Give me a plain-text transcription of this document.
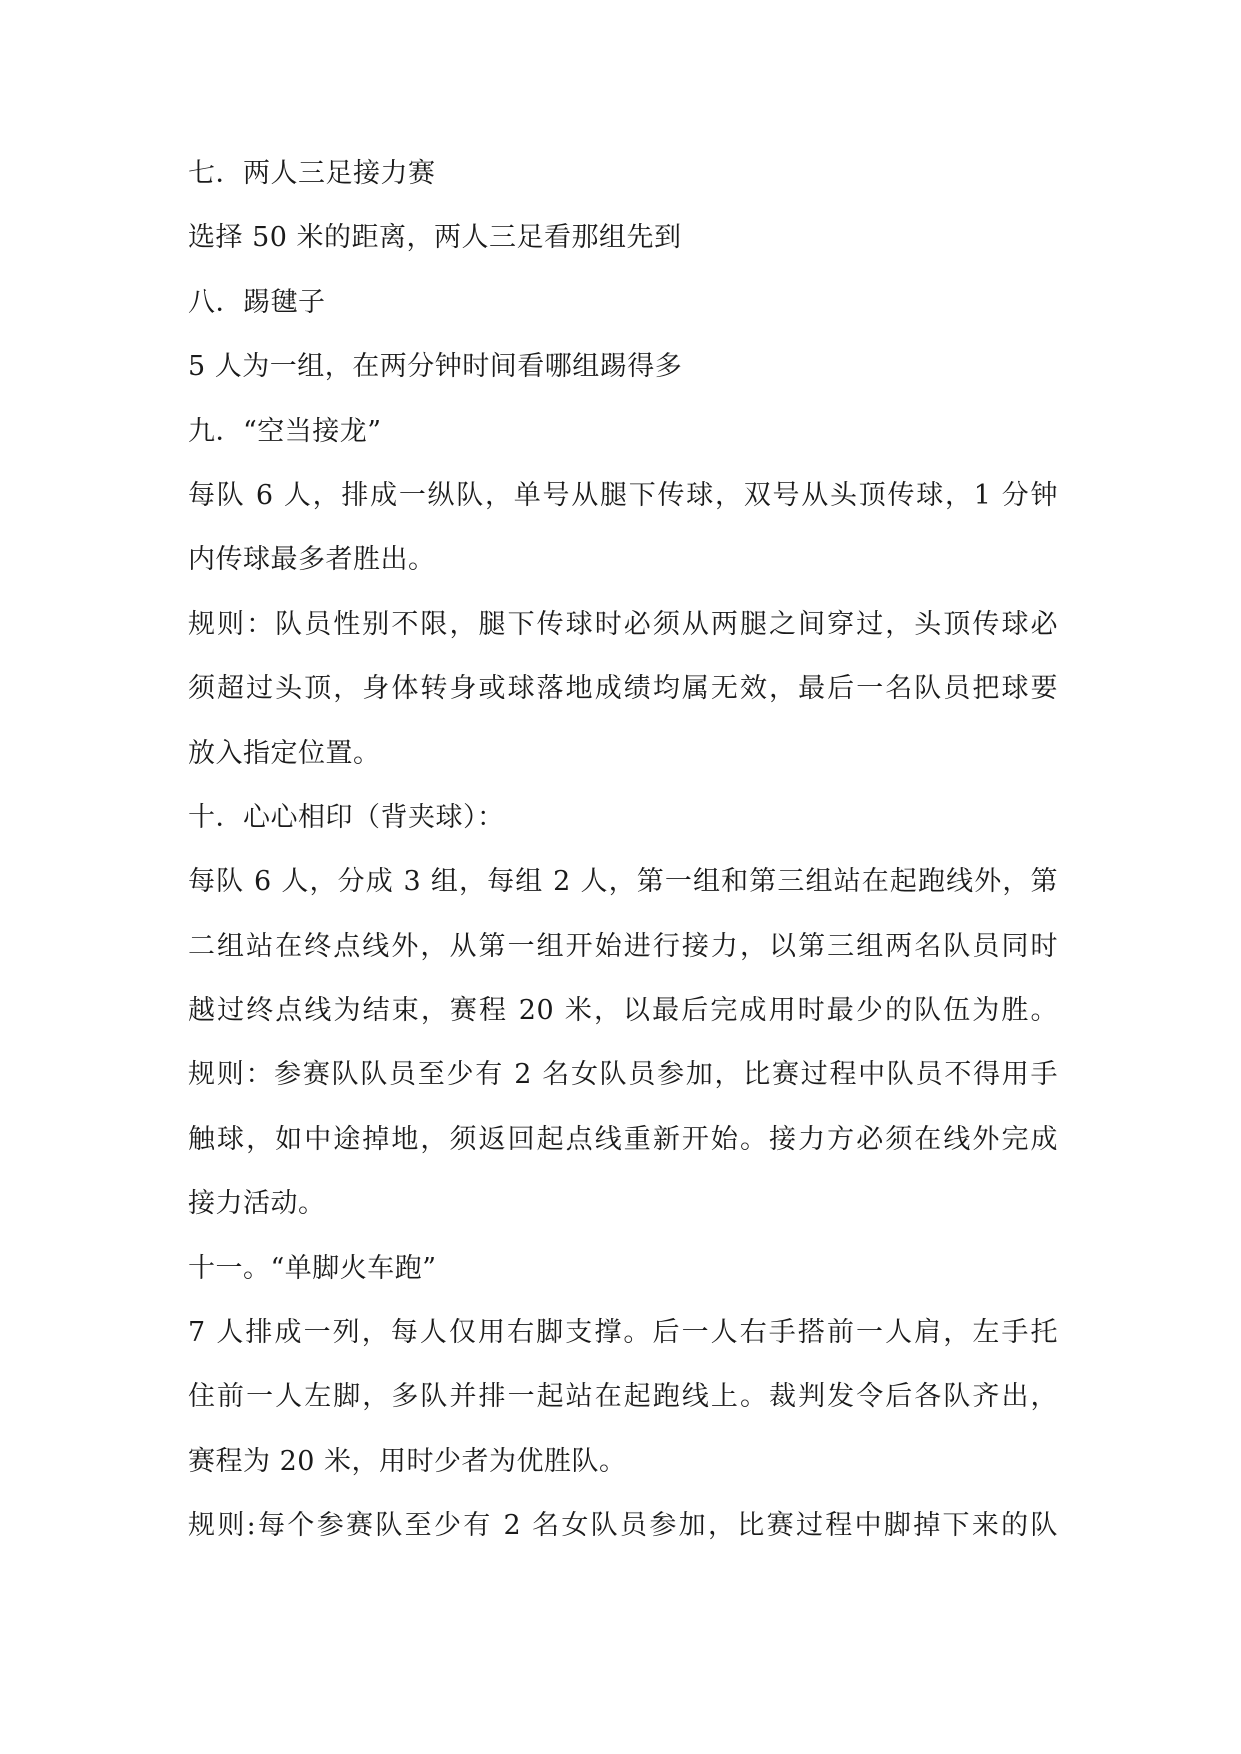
七．两人三足接力赛
选择 50 米的距离，两人三足看那组先到
八．踢毽子
5 人为一组，在两分钟时间看哪组踢得多
九．“空当接龙”
每队 6 人，排成一纵队，单号从腿下传球，双号从头顶传球，1 分钟
内传球最多者胜出。
规则：队员性别不限，腿下传球时必须从两腿之间穿过，头顶传球必
须超过头顶，身体转身或球落地成绩均属无效，最后一名队员把球要
放入指定位置。
十．心心相印（背夹球）：
每队 6 人，分成 3 组，每组 2 人，第一组和第三组站在起跑线外，第
二组站在终点线外，从第一组开始进行接力，以第三组两名队员同时
越过终点线为结束，赛程 20 米，以最后完成用时最少的队伍为胜。
规则：参赛队队员至少有 2 名女队员参加，比赛过程中队员不得用手
触球，如中途掉地，须返回起点线重新开始。接力方必须在线外完成
接力活动。
十一。“单脚火车跑”
7 人排成一列，每人仅用右脚支撑。后一人右手搭前一人肩，左手托
住前一人左脚，多队并排一起站在起跑线上。裁判发令后各队齐出，
赛程为 20 米，用时少者为优胜队。
规则:每个参赛队至少有 2 名女队员参加，比赛过程中脚掉下来的队
